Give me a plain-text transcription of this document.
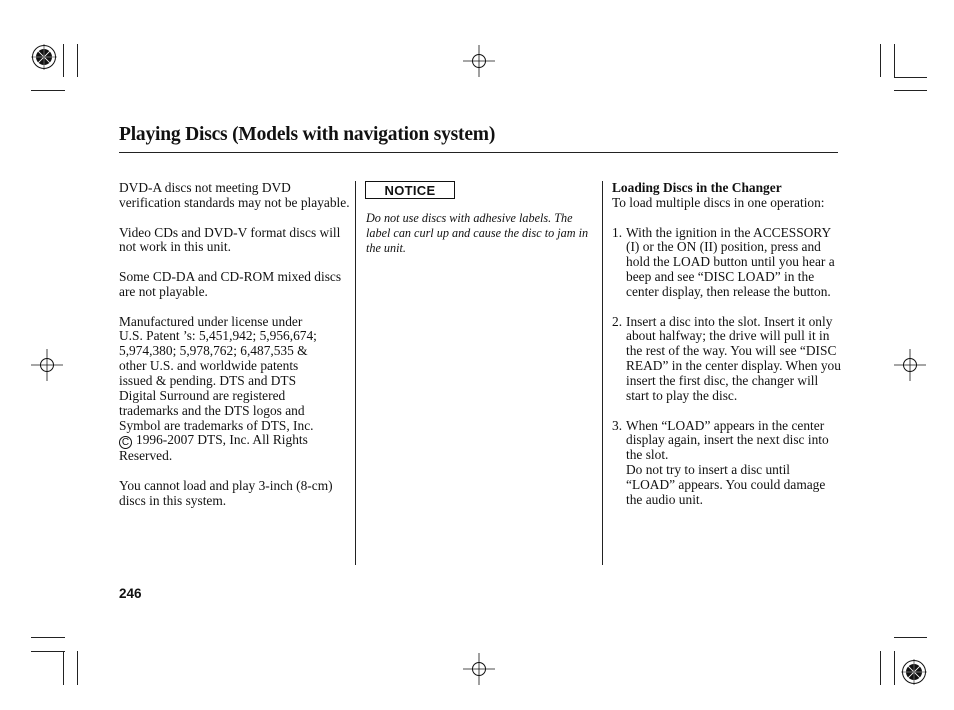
Playing Discs (Models with navigation system)

DVD-A discs not meeting DVD verification standards may not be playable.

Video CDs and DVD-V format discs will not work in this unit.

Some CD-DA and CD-ROM mixed discs are not playable.

Manufactured under license under
U.S. Patent ’s: 5,451,942; 5,956,674;
5,974,380; 5,978,762; 6,487,535 &
other U.S. and worldwide patents
issued & pending. DTS and DTS
Digital Surround are registered
trademarks and the DTS logos and
Symbol are trademarks of DTS, Inc.
C 1996-2007 DTS, Inc. All Rights
Reserved.

You cannot load and play 3-inch (8-cm) discs in this system.

NOTICE
Do not use discs with adhesive labels. The label can curl up and cause the disc to jam in the unit.

Loading Discs in the Changer

To load multiple discs in one operation:

1. With the ignition in the ACCESSORY (I) or the ON (II) position, press and hold the LOAD button until you hear a beep and see “DISC LOAD” in the center display, then release the button.
2. Insert a disc into the slot. Insert it only about halfway; the drive will pull it in the rest of the way. You will see “DISC READ” in the center display. When you insert the first disc, the changer will start to play the disc.
3. When “LOAD” appears in the center display again, insert the next disc into the slot.
Do not try to insert a disc until “LOAD” appears. You could damage the audio unit.
246
